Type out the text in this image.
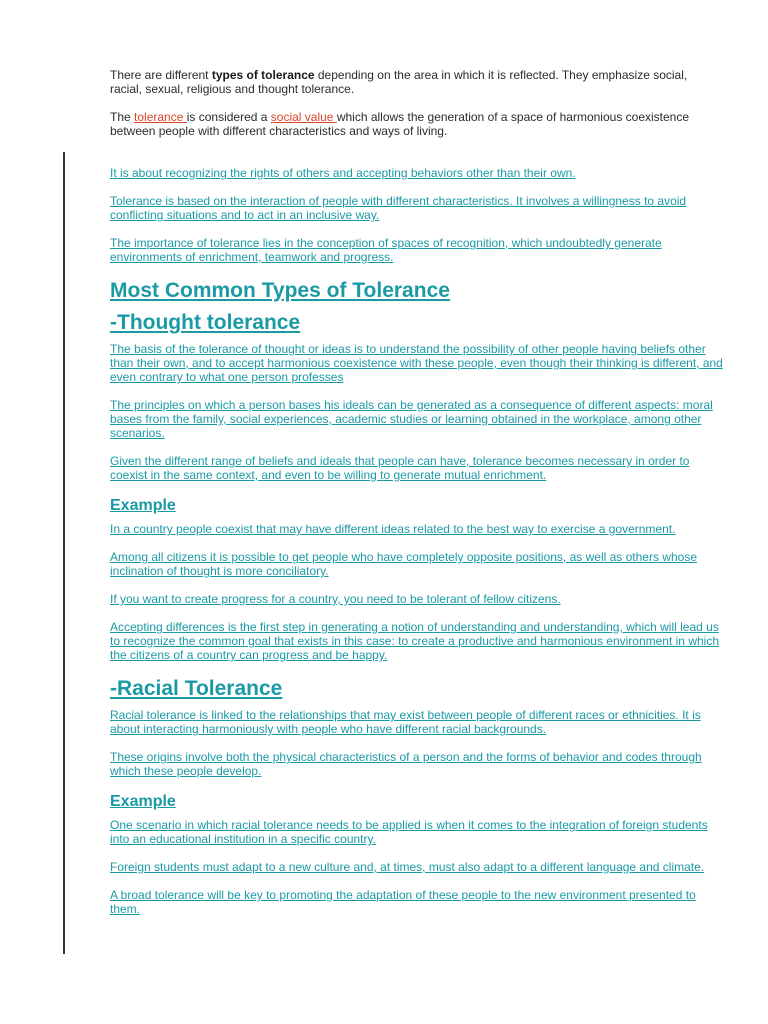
There are different types of tolerance depending on the area in which it is reflected. They emphasize social, racial, sexual, religious and thought tolerance.

The tolerance is considered a social value which allows the generation of a space of harmonious coexistence between people with different characteristics and ways of living.

It is about recognizing the rights of others and accepting behaviors other than their own.

Tolerance is based on the interaction of people with different characteristics. It involves a willingness to avoid conflicting situations and to act in an inclusive way.

The importance of tolerance lies in the conception of spaces of recognition, which undoubtedly generate environments of enrichment, teamwork and progress.

Most Common Types of Tolerance
-Thought tolerance

The basis of the tolerance of thought or ideas is to understand the possibility of other people having beliefs other than their own, and to accept harmonious coexistence with these people, even though their thinking is different, and even contrary to what one person professes

The principles on which a person bases his ideals can be generated as a consequence of different aspects: moral bases from the family, social experiences, academic studies or learning obtained in the workplace, among other scenarios.

Given the different range of beliefs and ideals that people can have, tolerance becomes necessary in order to coexist in the same context, and even to be willing to generate mutual enrichment.

Example

In a country people coexist that may have different ideas related to the best way to exercise a government.

Among all citizens it is possible to get people who have completely opposite positions, as well as others whose inclination of thought is more conciliatory.

If you want to create progress for a country, you need to be tolerant of fellow citizens.

Accepting differences is the first step in generating a notion of understanding and understanding, which will lead us to recognize the common goal that exists in this case: to create a productive and harmonious environment in which the citizens of a country can progress and be happy.

-Racial Tolerance

Racial tolerance is linked to the relationships that may exist between people of different races or ethnicities. It is about interacting harmoniously with people who have different racial backgrounds.

These origins involve both the physical characteristics of a person and the forms of behavior and codes through which these people develop.

Example

One scenario in which racial tolerance needs to be applied is when it comes to the integration of foreign students into an educational institution in a specific country.

Foreign students must adapt to a new culture and, at times, must also adapt to a different language and climate.

A broad tolerance will be key to promoting the adaptation of these people to the new environment presented to them.
